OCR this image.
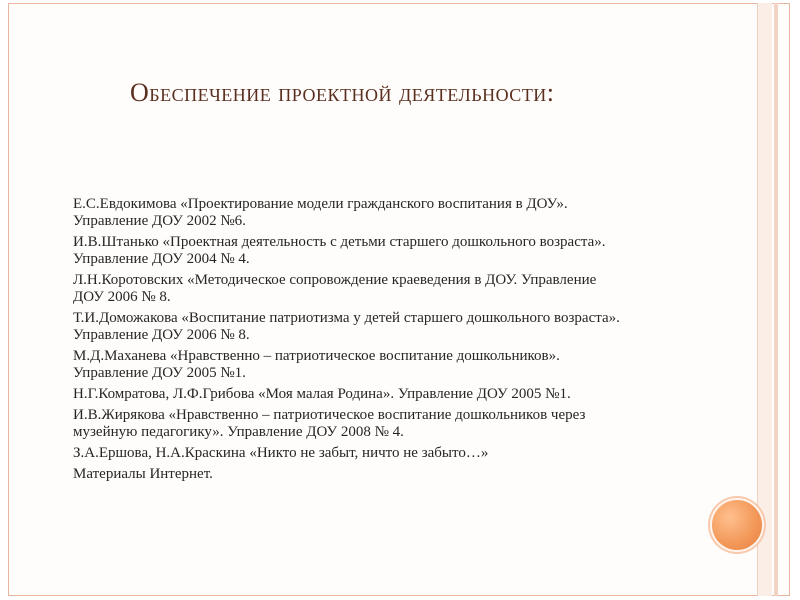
Обеспечение проектной деятельности:
Е.С.Евдокимова «Проектирование модели гражданского воспитания в ДОУ».
Управление ДОУ 2002 №6.
И.В.Штанько «Проектная деятельность с детьми старшего дошкольного возраста».
Управление ДОУ 2004 № 4.
Л.Н.Коротовских «Методическое сопровождение краеведения в ДОУ. Управление
ДОУ 2006 № 8.
Т.И.Доможакова «Воспитание патриотизма у детей старшего дошкольного возраста».
Управление ДОУ 2006 № 8.
М.Д.Маханева «Нравственно – патриотическое воспитание дошкольников».
Управление ДОУ 2005 №1.
Н.Г.Комратова, Л.Ф.Грибова «Моя малая Родина». Управление ДОУ 2005 №1.
И.В.Жирякова «Нравственно – патриотическое воспитание дошкольников через
музейную педагогику». Управление ДОУ 2008 № 4.
З.А.Ершова, Н.А.Краскина «Никто не забыт, ничто не забыто…»
Материалы Интернет.
